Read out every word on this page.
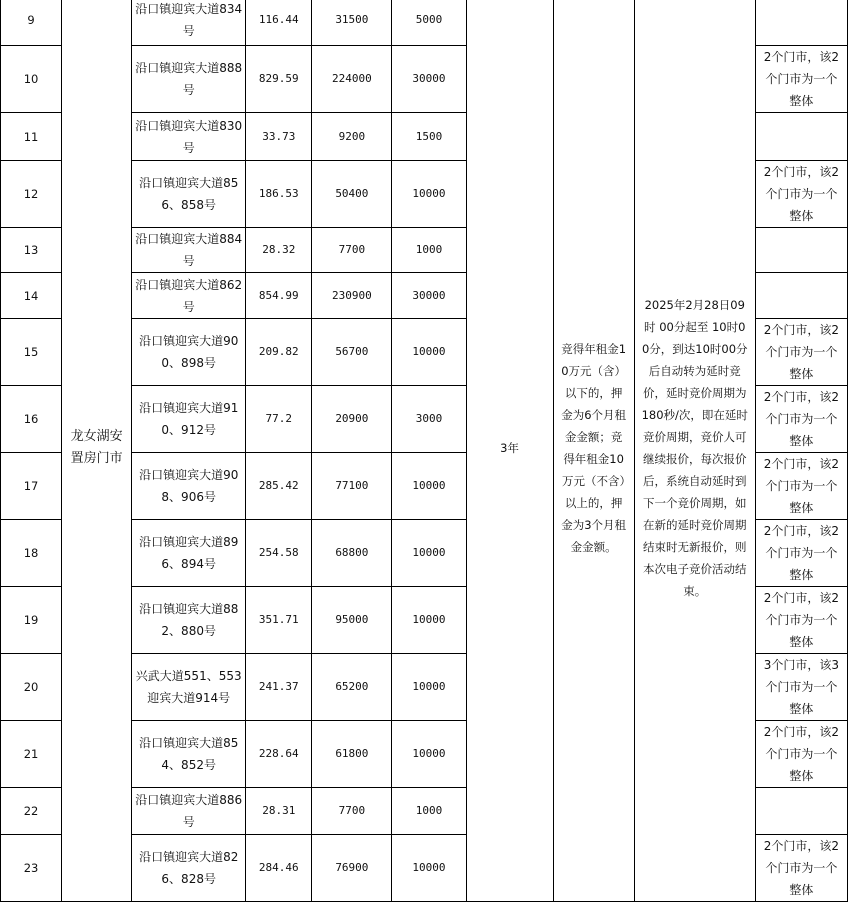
9	龙女湖安置房门市	沿口镇迎宾大道834号	116.44	31500	5000	3年	竞得年租金10万元（含）以下的，押金为6个月租金金额；竞得年租金10万元（不含）以上的，押金为3个月租金金额。	2025年2月28日09时 00分起至 10时00分，到达10时00分后自动转为延时竞价，延时竞价周期为180秒/次，即在延时竞价周期，竞价人可继续报价，每次报价后，系统自动延时到下一个竞价周期，如在新的延时竞价周期结束时无新报价，则本次电子竞价活动结束。	
10		沿口镇迎宾大道888号	829.59	224000	30000				2个门市，该2个门市为一个整体
11		沿口镇迎宾大道830号	33.73	9200	1500				
12		沿口镇迎宾大道856、858号	186.53	50400	10000				2个门市，该2个门市为一个整体
13		沿口镇迎宾大道884号	28.32	7700	1000				
14		沿口镇迎宾大道862号	854.99	230900	30000				
15		沿口镇迎宾大道900、898号	209.82	56700	10000				2个门市，该2个门市为一个整体
16		沿口镇迎宾大道910、912号	77.2	20900	3000				2个门市，该2个门市为一个整体
17		沿口镇迎宾大道908、906号	285.42	77100	10000				2个门市，该2个门市为一个整体
18		沿口镇迎宾大道896、894号	254.58	68800	10000				2个门市，该2个门市为一个整体
19		沿口镇迎宾大道882、880号	351.71	95000	10000				2个门市，该2个门市为一个整体
20		兴武大道551、553迎宾大道914号	241.37	65200	10000				3个门市，该3个门市为一个整体
21		沿口镇迎宾大道854、852号	228.64	61800	10000				2个门市，该2个门市为一个整体
22		沿口镇迎宾大道886号	28.31	7700	1000				
23		沿口镇迎宾大道826、828号	284.46	76900	10000				2个门市，该2个门市为一个整体
